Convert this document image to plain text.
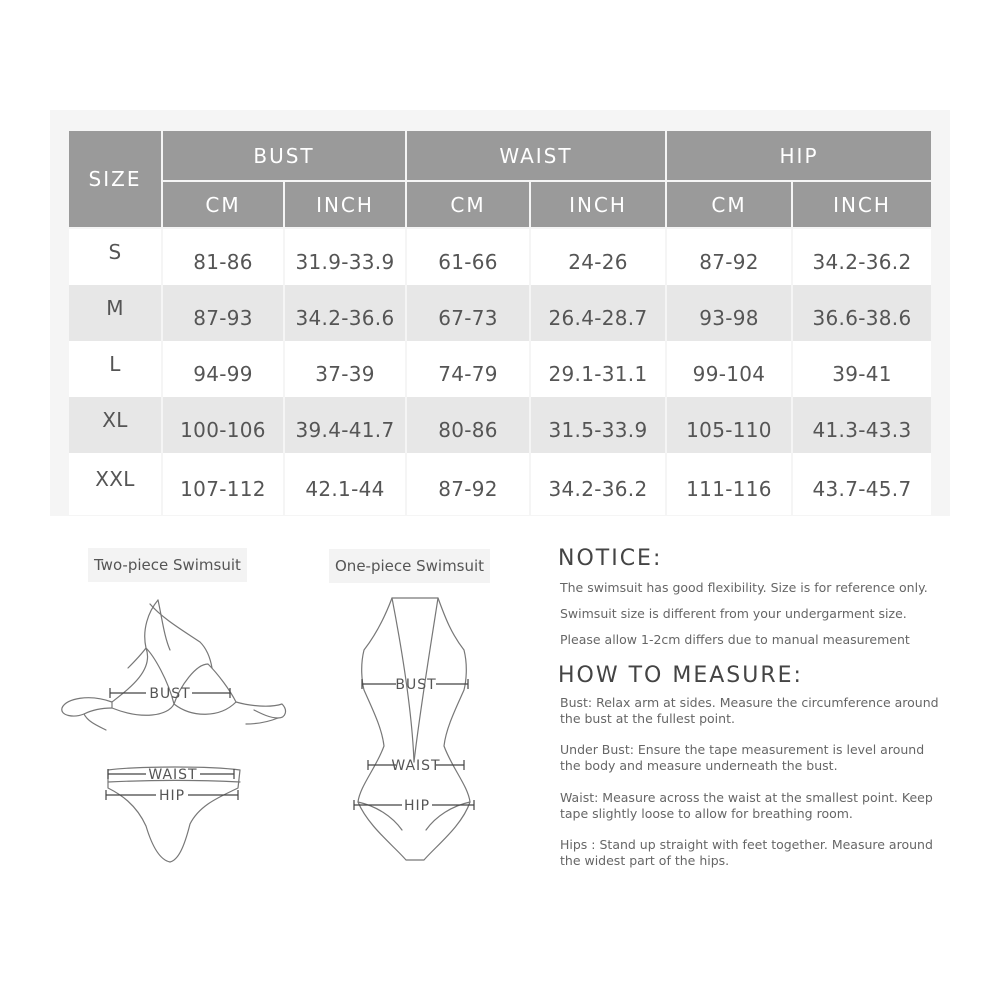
SIZE	BUST		WAIST		HIP	
	CM	INCH	CM	INCH	CM	INCH
S	81-86	31.9-33.9	61-66	24-26	87-92	34.2-36.2
M	87-93	34.2-36.6	67-73	26.4-28.7	93-98	36.6-38.6
L	94-99	37-39	74-79	29.1-31.1	99-104	39-41
XL	100-106	39.4-41.7	80-86	31.5-33.9	105-110	41.3-43.3
XXL	107-112	42.1-44	87-92	34.2-36.2	111-116	43.7-45.7
Two-piece Swimsuit	One-piece Swimsuit
BUST
WAIST
HIP
BUST
WAIST
HIP
NOTICE:
The swimsuit has good flexibility. Size is for reference only.
Swimsuit size is different from your undergarment size.
Please allow 1-2cm differs due to manual measurement
HOW TO MEASURE:
Bust: Relax arm at sides. Measure the circumference around the bust at the fullest point.
Under Bust: Ensure the tape measurement is level around the body and measure underneath the bust.
Waist: Measure across the waist at the smallest point. Keep tape slightly loose to allow for breathing room.
Hips : Stand up straight with feet together. Measure around the widest part of the hips.
